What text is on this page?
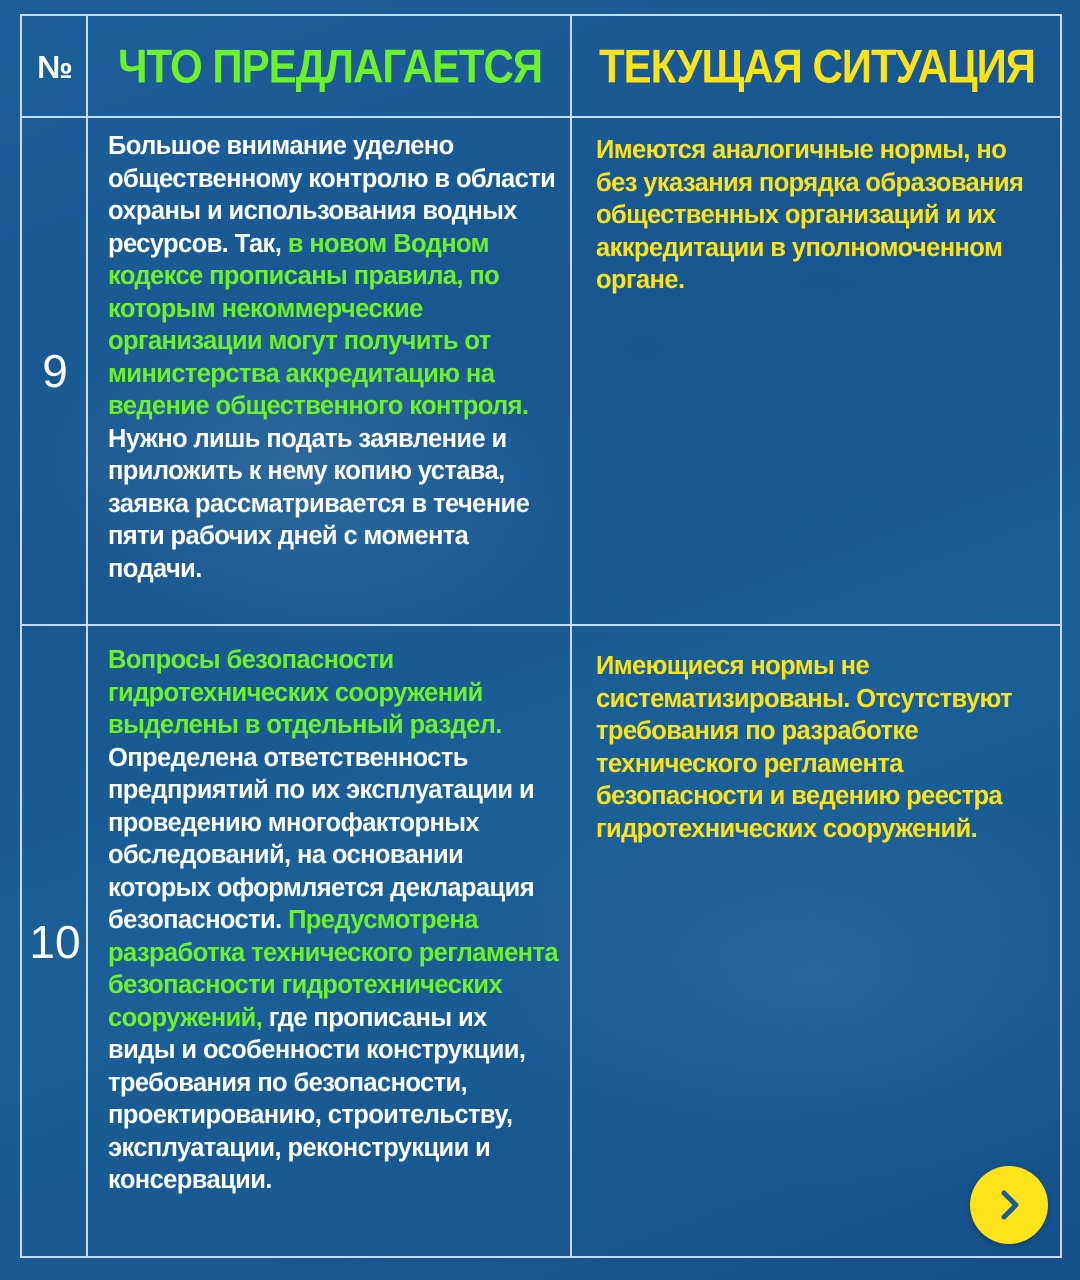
№	ЧТО ПРЕДЛАГАЕТСЯ	ТЕКУЩАЯ СИТУАЦИЯ
9

Большое внимание уделено общественному контролю в области охраны и использования водных ресурсов. Так, в новом Водном кодексе прописаны правила, по которым некоммерческие организации могут получить от министерства аккредитацию на ведение общественного контроля. Нужно лишь подать заявление и приложить к нему копию устава, заявка рассматривается в течение пяти рабочих дней с момента подачи.

Имеются аналогичные нормы, но без указания порядка образования общественных организаций и их аккредитации в уполномоченном органе.

10

Вопросы безопасности гидротехнических сооружений выделены в отдельный раздел. Определена ответственность предприятий по их эксплуатации и проведению многофакторных обследований, на основании которых оформляется декларация безопасности. Предусмотрена разработка технического регламента безопасности гидротехнических сооружений, где прописаны их виды и особенности конструкции, требования по безопасности, проектированию, строительству, эксплуатации, реконструкции и консервации.

Имеющиеся нормы не систематизированы. Отсутствуют требования по разработке технического регламента безопасности и ведению реестра гидротехнических сооружений.
